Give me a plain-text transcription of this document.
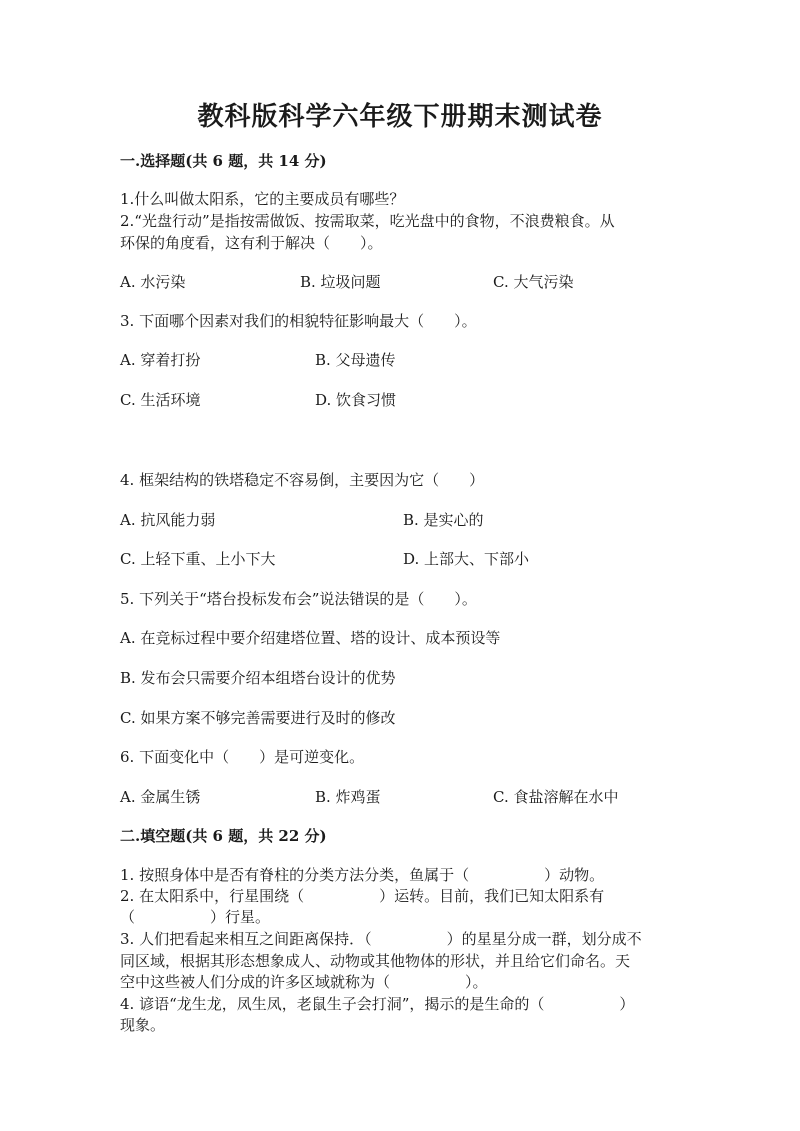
教科版科学六年级下册期末测试卷
一.选择题(共 6 题，共 14 分)
1.什么叫做太阳系，它的主要成员有哪些？
2.“光盘行动”是指按需做饭、按需取菜，吃光盘中的食物，不浪费粮食。从
环保的角度看，这有利于解决（　　）。
A. 水污染	B. 垃圾问题	C. 大气污染
3. 下面哪个因素对我们的相貌特征影响最大（　　）。
A. 穿着打扮	B. 父母遗传
C. 生活环境	D. 饮食习惯
4. 框架结构的铁塔稳定不容易倒，主要因为它（　　）
A. 抗风能力弱	B. 是实心的
C. 上轻下重、上小下大	D. 上部大、下部小
5. 下列关于“塔台投标发布会”说法错误的是（　　）。
A. 在竞标过程中要介绍建塔位置、塔的设计、成本预设等
B. 发布会只需要介绍本组塔台设计的优势
C. 如果方案不够完善需要进行及时的修改
6. 下面变化中（　　）是可逆变化。
A. 金属生锈	B. 炸鸡蛋	C. 食盐溶解在水中
二.填空题(共 6 题，共 22 分)
1. 按照身体中是否有脊柱的分类方法分类，鱼属于（　　　　　）动物。
2. 在太阳系中，行星围绕（　　　　　）运转。目前，我们已知太阳系有
（　　　　　）行星。
3. 人们把看起来相互之间距离保持．（　　　　　）的星星分成一群，划分成不
同区域，根据其形态想象成人、动物或其他物体的形状，并且给它们命名。天
空中这些被人们分成的许多区域就称为（　　　　　）。
4. 谚语“龙生龙，凤生凤，老鼠生子会打洞”，揭示的是生命的（　　　　　）
现象。
